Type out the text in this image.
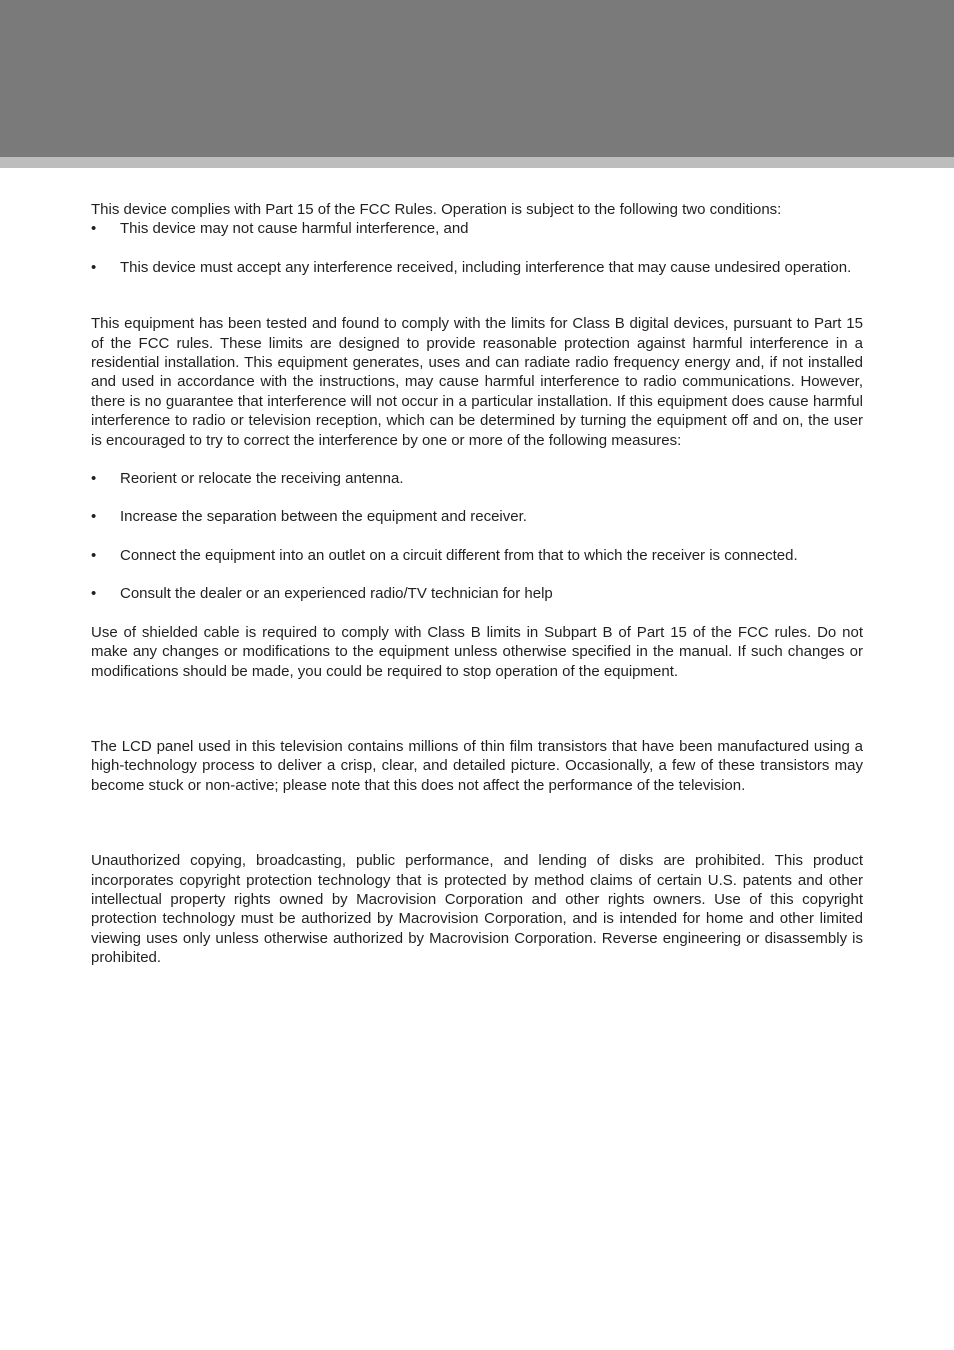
This device complies with Part 15 of the FCC Rules. Operation is subject to the following two conditions:

• This device may not cause harmful interference, and
• This device must accept any interference received, including interference that may cause undesired operation.

This equipment has been tested and found to comply with the limits for Class B digital devices, pursuant to Part 15 of the FCC rules. These limits are designed to provide reasonable protection against harmful interference in a residential installation. This equipment generates, uses and can radiate radio frequency energy and, if not installed and used in accordance with the instructions, may cause harmful interference to radio communications. However, there is no guarantee that interference will not occur in a particular installation. If this equipment does cause harmful interference to radio or television reception, which can be determined by turning the equipment off and on, the user is encouraged to try to correct the interference by one or more of the following measures:

• Reorient or relocate the receiving antenna.
• Increase the separation between the equipment and receiver.
• Connect the equipment into an outlet on a circuit different from that to which the receiver is connected.
• Consult the dealer or an experienced radio/TV technician for help

Use of shielded cable is required to comply with Class B limits in Subpart B of Part 15 of the FCC rules. Do not make any changes or modifications to the equipment unless otherwise specified in the manual. If such changes or modifications should be made, you could be required to stop operation of the equipment.

The LCD panel used in this television contains millions of thin film transistors that have been manufactured using a high-technology process to deliver a crisp, clear, and detailed picture. Occasionally, a few of these transistors may become stuck or non-active; please note that this does not affect the performance of the television.

Unauthorized copying, broadcasting, public performance, and lending of disks are prohibited. This product incorporates copyright protection technology that is protected by method claims of certain U.S. patents and other intellectual property rights owned by Macrovision Corporation and other rights owners. Use of this copyright protection technology must be authorized by Macrovision Corporation, and is intended for home and other limited viewing uses only unless otherwise authorized by Macrovision Corporation. Reverse engineering or disassembly is prohibited.
